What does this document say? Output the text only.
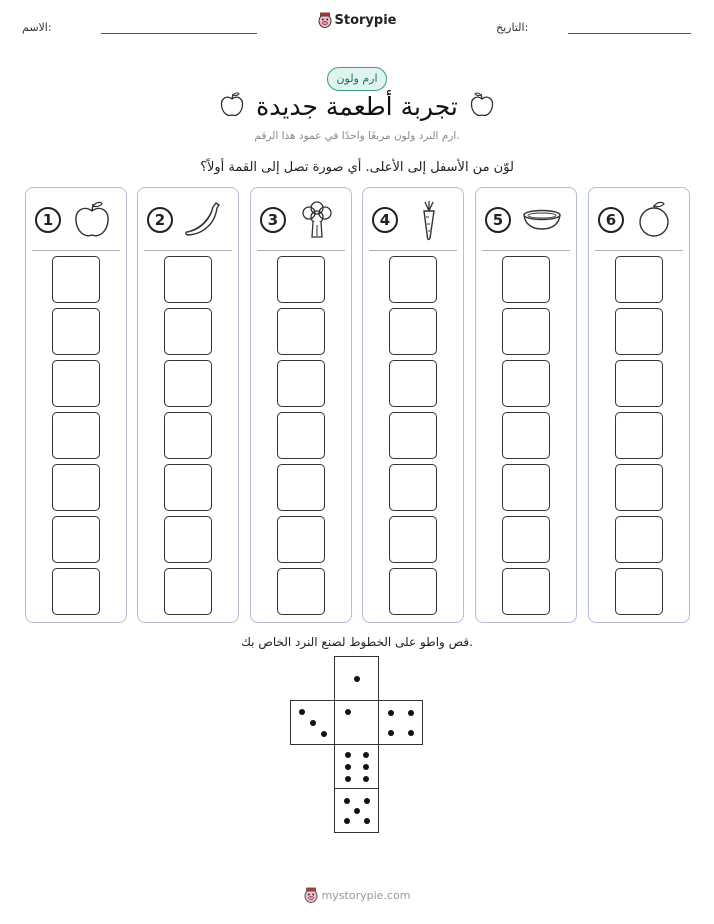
الاسم:	Storypie	التاريخ:
ارم ولون
تجربة أطعمة جديدة
ارم النرد ولون مربعًا واحدًا في عمود هذا الرقم.
لوّن من الأسفل إلى الأعلى. أي صورة تصل إلى القمة أولاً؟
1	2	3	4	5	6
قص واطو على الخطوط لصنع النرد الخاص بك.
mystorypie.com
